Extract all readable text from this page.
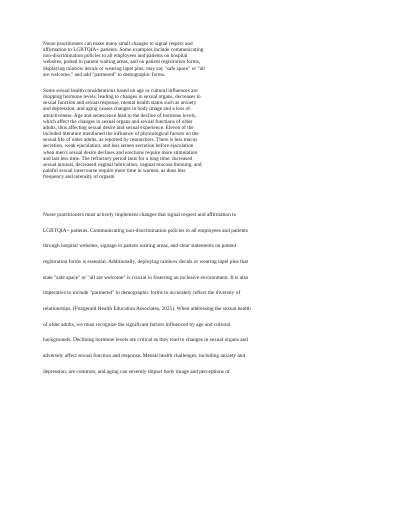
Nurse practitioners can make many small changes to signal respect and
affirmation to LGBTQIA+ patients. Some examples include communicating
non-discrimination policies to all employees and patients on hospital
websites, posted in patient waiting areas, and on patient registration forms,
displaying rainbow decals or wearing lapel pins; may say "safe space" or "all
are welcome," and add "partnered" to demographic forms.
Some sexual health considerations based on age or cultural influences are
dropping hormone levels, leading to changes in sexual organs, decreases in
sexual function and sexual response, mental health status such as anxiety
and depression, and aging causes changes in body image and a loss of
attractiveness. Age and senescence lead to the decline of hormone levels,
which affect the changes in sexual organs and sexual functions of older
adults, thus affecting sexual desire and sexual experience. Eleven of the
included literature mentioned the influence of physiological factors on the
sexual life of older adults, as reported by researchers. There is less mucus
secretion, weak ejaculation, and less semen secretion before ejaculation
when men's sexual desire declines and erections require more stimulation
and last less time. The refractory period lasts for a long time. Increased
sexual arousal, decreased vaginal lubrication, vaginal mucosa thinning, and
painful sexual intercourse require more time in women, as does less
frequency and intensity of orgasm
Nurse practitioners must actively implement changes that signal respect and affirmation to
LGBTQIA+ patients. Communicating non-discrimination policies to all employees and patients
through hospital websites, signage in patient waiting areas, and clear statements on patient
registration forms is essential. Additionally, deploying rainbow decals or wearing lapel pins that
state "safe space" or "all are welcome" is crucial in fostering an inclusive environment. It is also
imperative to include "partnered" in demographic forms to accurately reflect the diversity of
relationships. (Fitzgerald Health Education Associates, 2025). When addressing the sexual health
of older adults, we must recognize the significant factors influenced by age and cultural
backgrounds. Declining hormone levels are critical as they lead to changes in sexual organs and
adversely affect sexual function and response. Mental health challenges, including anxiety and
depression, are common, and aging can severely impact body image and perceptions of
